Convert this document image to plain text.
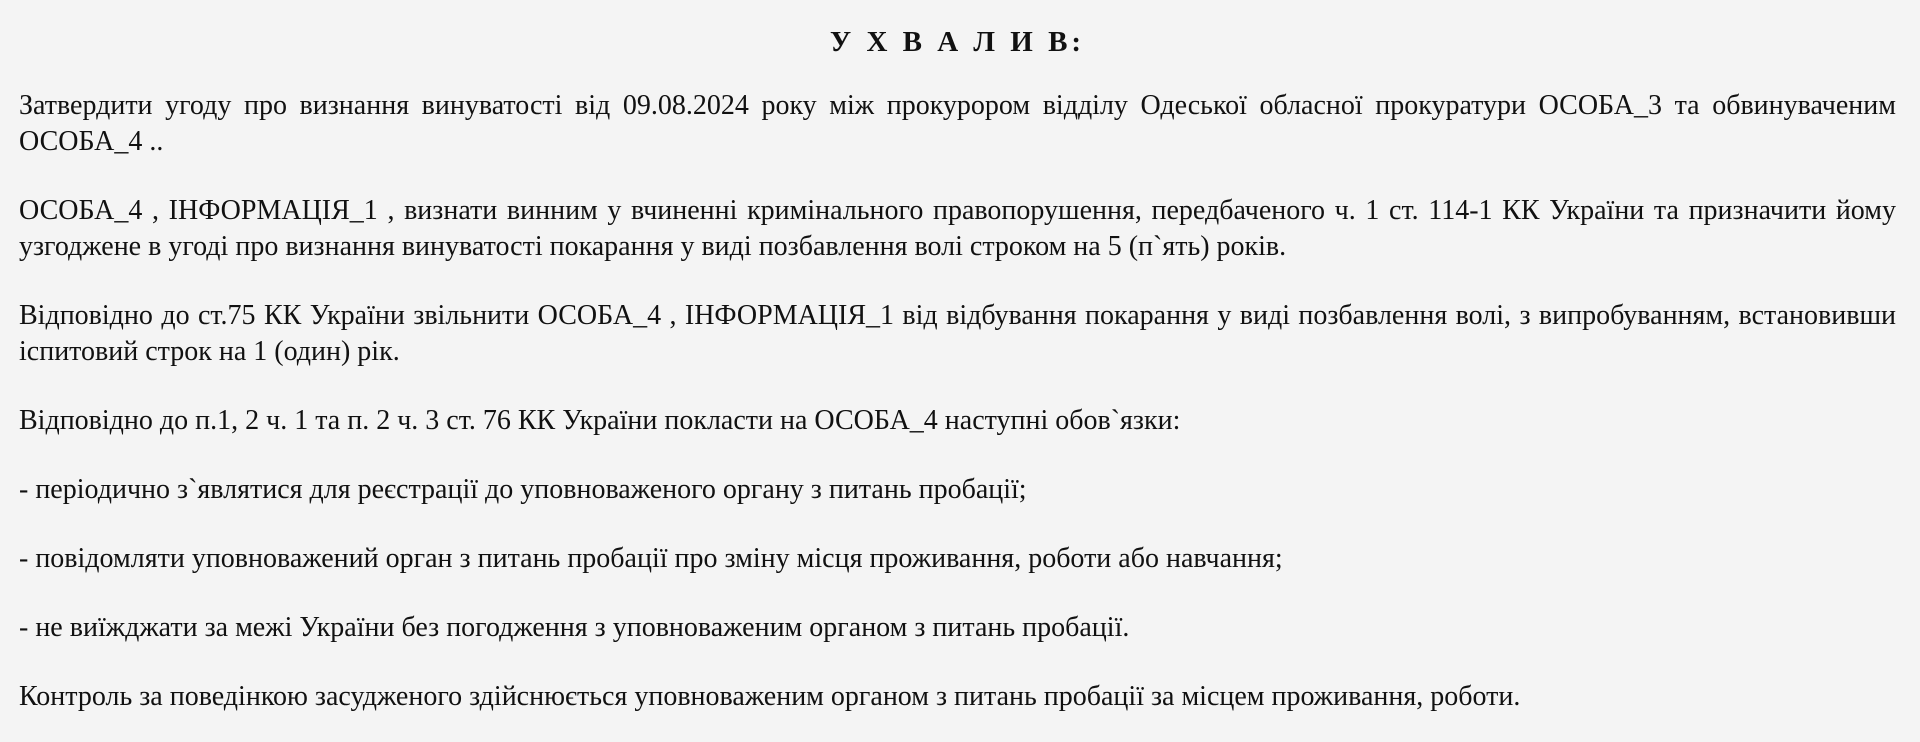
У Х В А Л И В:

Затвердити угоду про визнання винуватості від 09.08.2024 року між прокурором відділу Одеської обласної прокуратури ОСОБА_3 та обвинуваченим ОСОБА_4 ..

ОСОБА_4 , ІНФОРМАЦІЯ_1 , визнати винним у вчиненні кримінального правопорушення, передбаченого ч. 1 ст. 114-1 КК України та призначити йому узгоджене в угоді про визнання винуватості покарання у виді позбавлення волі строком на 5 (п`ять) років.

Відповідно до ст.75 КК України звільнити ОСОБА_4 , ІНФОРМАЦІЯ_1 від відбування покарання у виді позбавлення волі, з випробуванням, встановивши іспитовий строк на 1 (один) рік.

Відповідно до п.1, 2 ч. 1 та п. 2 ч. 3 ст. 76 КК України покласти на ОСОБА_4 наступні обов`язки:

- періодично з`являтися для реєстрації до уповноваженого органу з питань пробації;

- повідомляти уповноважений орган з питань пробації про зміну місця проживання, роботи або навчання;

- не виїжджати за межі України без погодження з уповноваженим органом з питань пробації.

Контроль за поведінкою засудженого здійснюється уповноваженим органом з питань пробації за місцем проживання, роботи.
